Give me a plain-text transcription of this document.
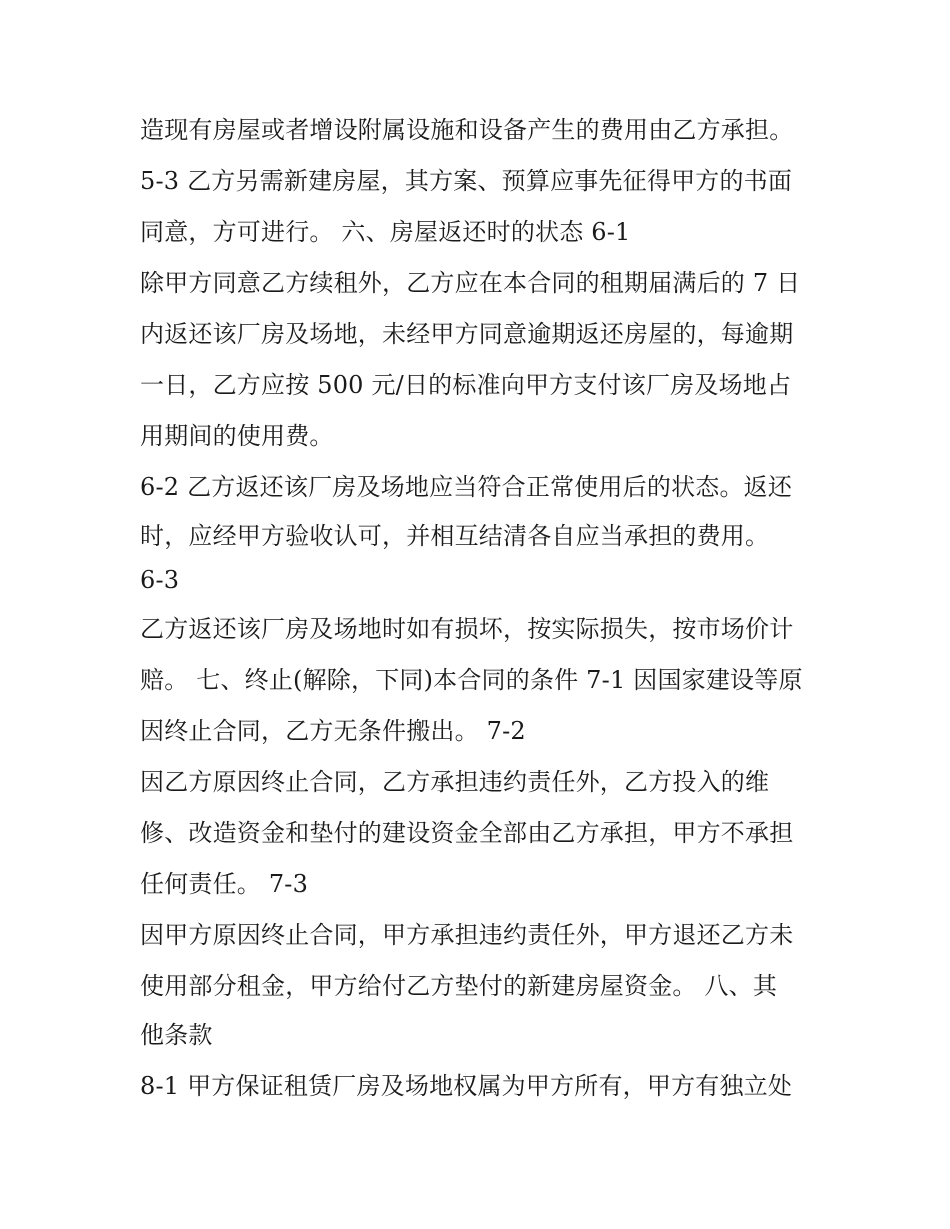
造现有房屋或者增设附属设施和设备产生的费用由乙方承担。
5-3 乙方另需新建房屋，其方案、预算应事先征得甲方的书面
同意，方可进行。 六、房屋返还时的状态 6-1
除甲方同意乙方续租外，乙方应在本合同的租期届满后的 7 日
内返还该厂房及场地，未经甲方同意逾期返还房屋的，每逾期
一日，乙方应按 500 元/日的标准向甲方支付该厂房及场地占
用期间的使用费。
6-2 乙方返还该厂房及场地应当符合正常使用后的状态。返还
时，应经甲方验收认可，并相互结清各自应当承担的费用。
6-3
乙方返还该厂房及场地时如有损坏，按实际损失，按市场价计
赔。 七、终止(解除，下同)本合同的条件 7-1 因国家建设等原
因终止合同，乙方无条件搬出。 7-2
因乙方原因终止合同，乙方承担违约责任外，乙方投入的维
修、改造资金和垫付的建设资金全部由乙方承担，甲方不承担
任何责任。 7-3
因甲方原因终止合同，甲方承担违约责任外，甲方退还乙方未
使用部分租金，甲方给付乙方垫付的新建房屋资金。 八、其
他条款
8-1 甲方保证租赁厂房及场地权属为甲方所有，甲方有独立处
